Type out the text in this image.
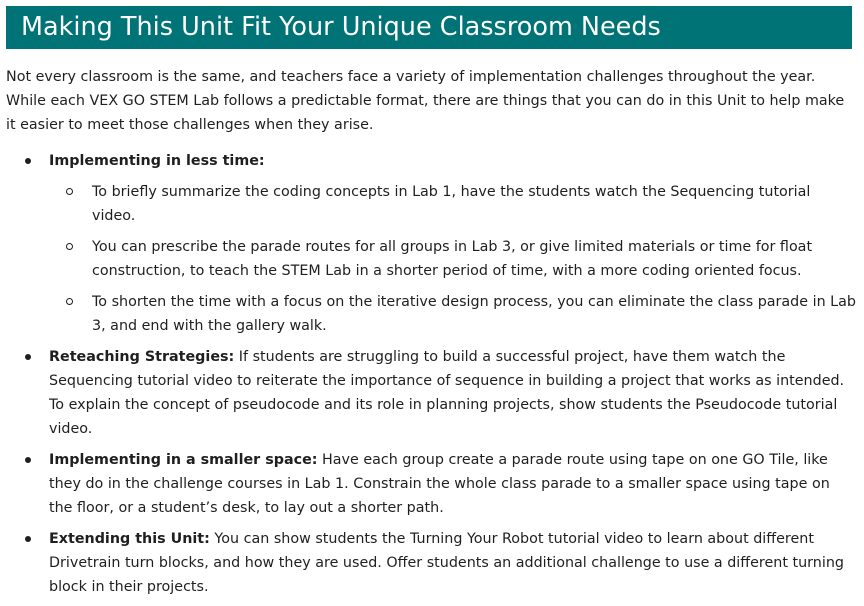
Making This Unit Fit Your Unique Classroom Needs

Not every classroom is the same, and teachers face a variety of implementation challenges throughout the year. While each VEX GO STEM Lab follows a predictable format, there are things that you can do in this Unit to help make it easier to meet those challenges when they arise.

Implementing in less time:
To briefly summarize the coding concepts in Lab 1, have the students watch the Sequencing tutorial video.
You can prescribe the parade routes for all groups in Lab 3, or give limited materials or time for float construction, to teach the STEM Lab in a shorter period of time, with a more coding oriented focus.
To shorten the time with a focus on the iterative design process, you can eliminate the class parade in Lab 3, and end with the gallery walk.
Reteaching Strategies: If students are struggling to build a successful project, have them watch the Sequencing tutorial video to reiterate the importance of sequence in building a project that works as intended. To explain the concept of pseudocode and its role in planning projects, show students the Pseudocode tutorial video.
Implementing in a smaller space: Have each group create a parade route using tape on one GO Tile, like they do in the challenge courses in Lab 1. Constrain the whole class parade to a smaller space using tape on the floor, or a student’s desk, to lay out a shorter path.
Extending this Unit: You can show students the Turning Your Robot tutorial video to learn about different Drivetrain turn blocks, and how they are used. Offer students an additional challenge to use a different turning block in their projects.
